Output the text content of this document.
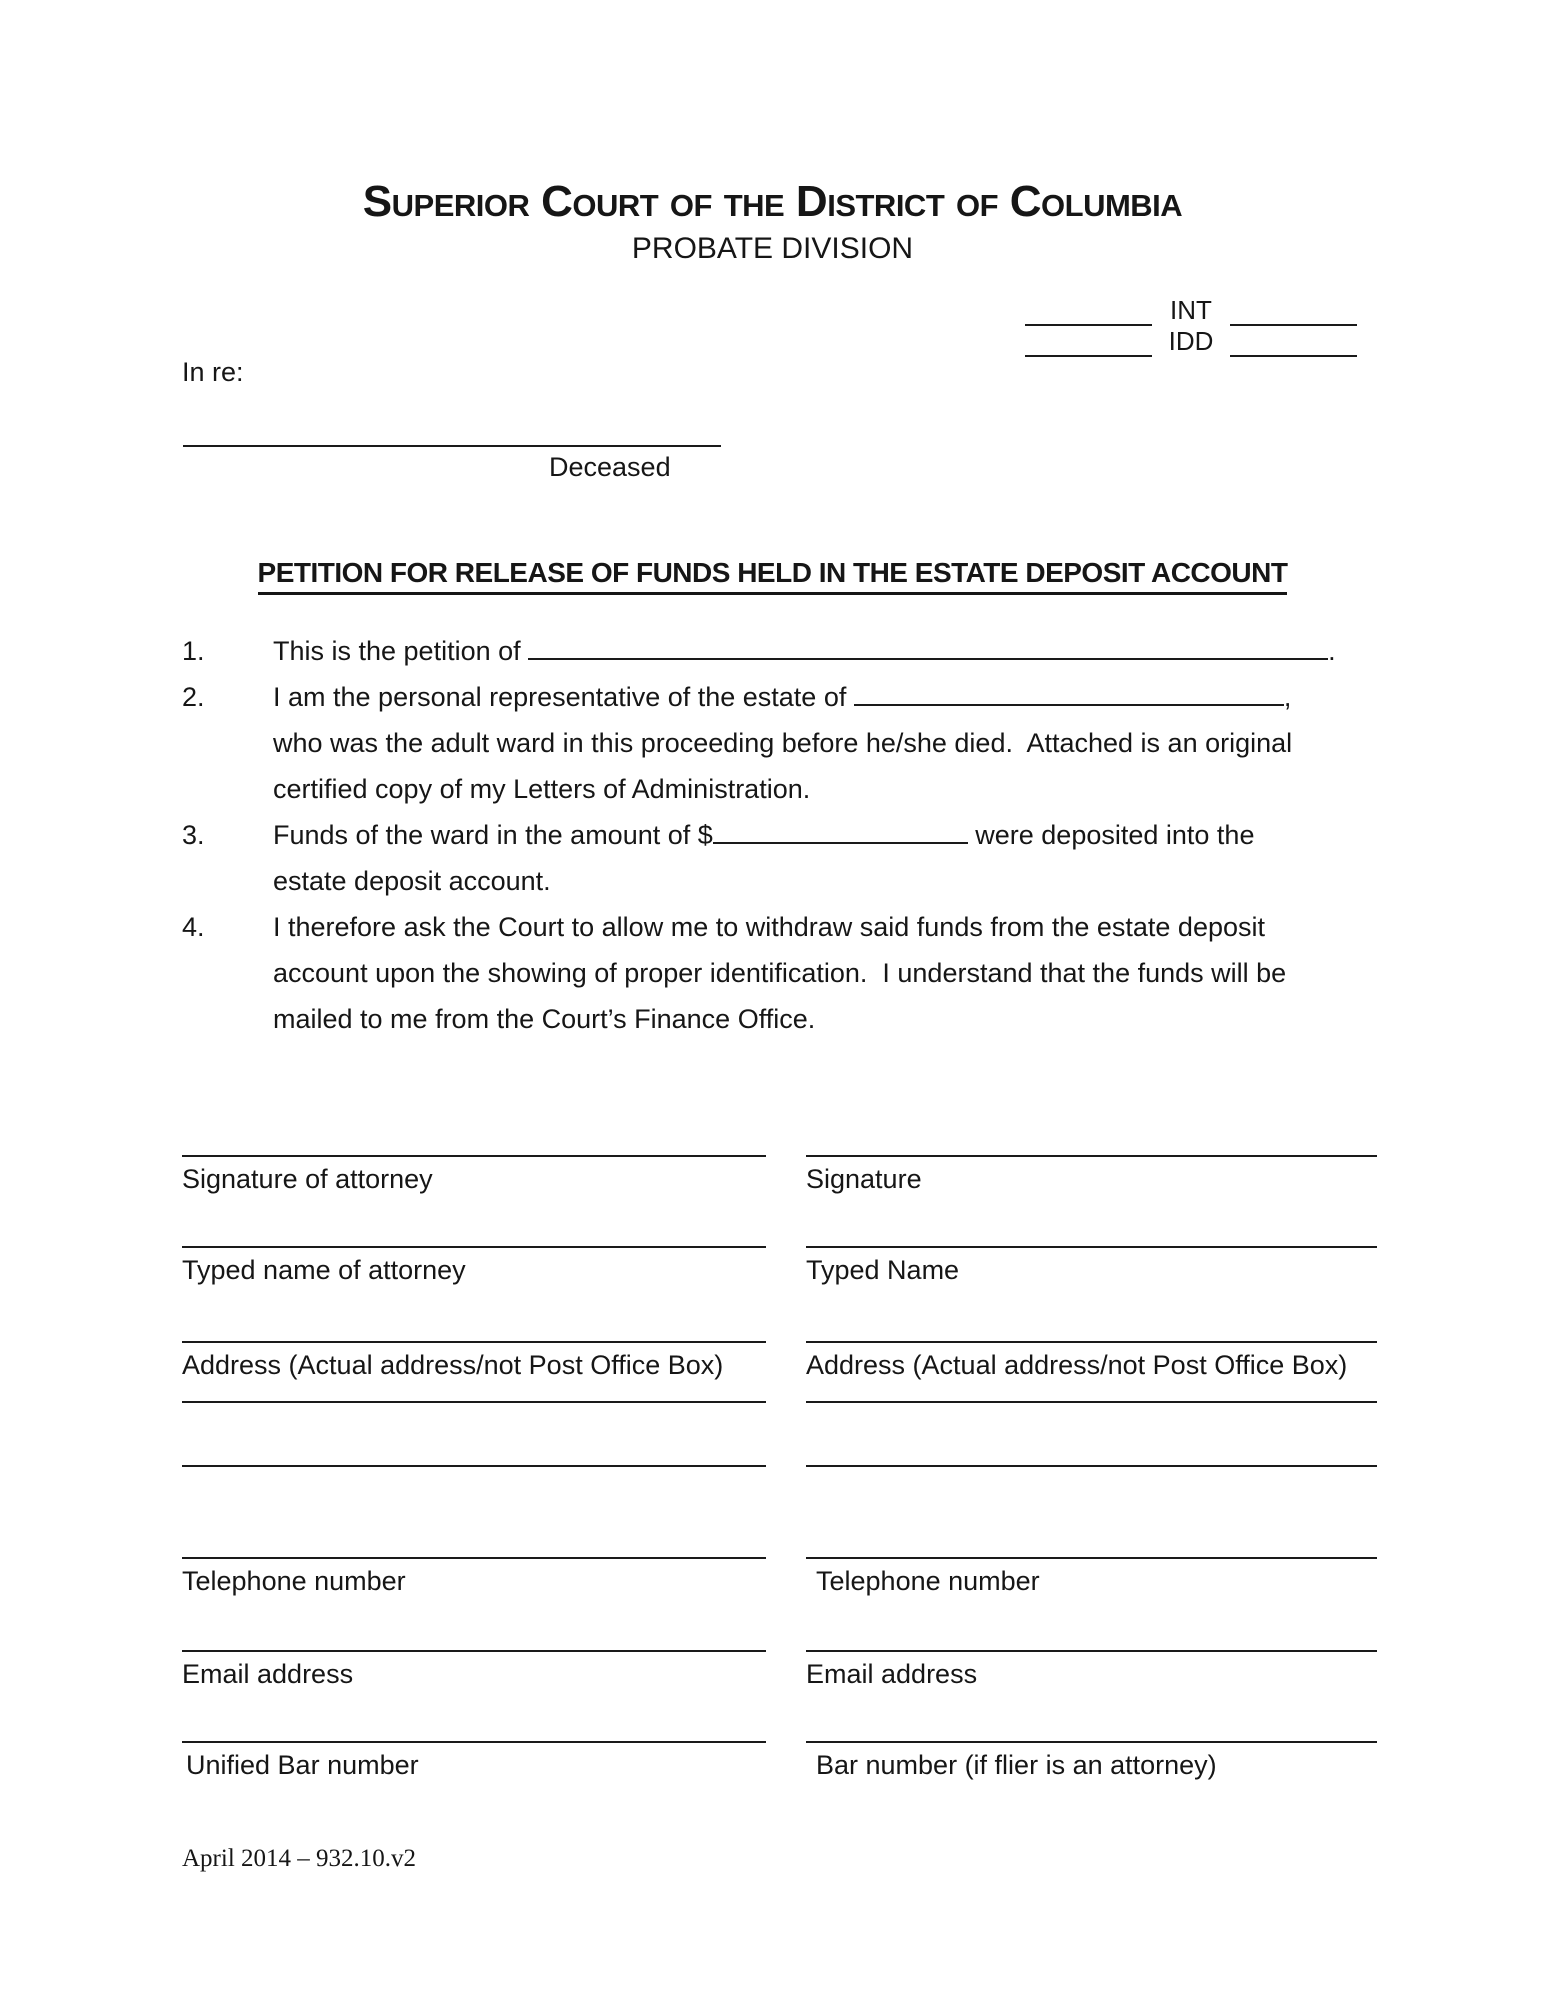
Superior Court of the District of Columbia
PROBATE DIVISION
INT
IDD
In re:
Deceased
PETITION FOR RELEASE OF FUNDS HELD IN THE ESTATE DEPOSIT ACCOUNT
1.	This is the petition of	.
2.	I am the personal representative of the estate of	,
who was the adult ward in this proceeding before he/she died.  Attached is an original
certified copy of my Letters of Administration.
3.	Funds of the ward in the amount of $	were deposited into the
estate deposit account.
4.	I therefore ask the Court to allow me to withdraw said funds from the estate deposit
account upon the showing of proper identification.  I understand that the funds will be
mailed to me from the Court’s Finance Office.
Signature of attorney	Signature
Typed name of attorney	Typed Name
Address (Actual address/not Post Office Box)	Address (Actual address/not Post Office Box)
Telephone number	Telephone number
Email address	Email address
Unified Bar number	Bar number (if flier is an attorney)
April 2014 – 932.10.v2
